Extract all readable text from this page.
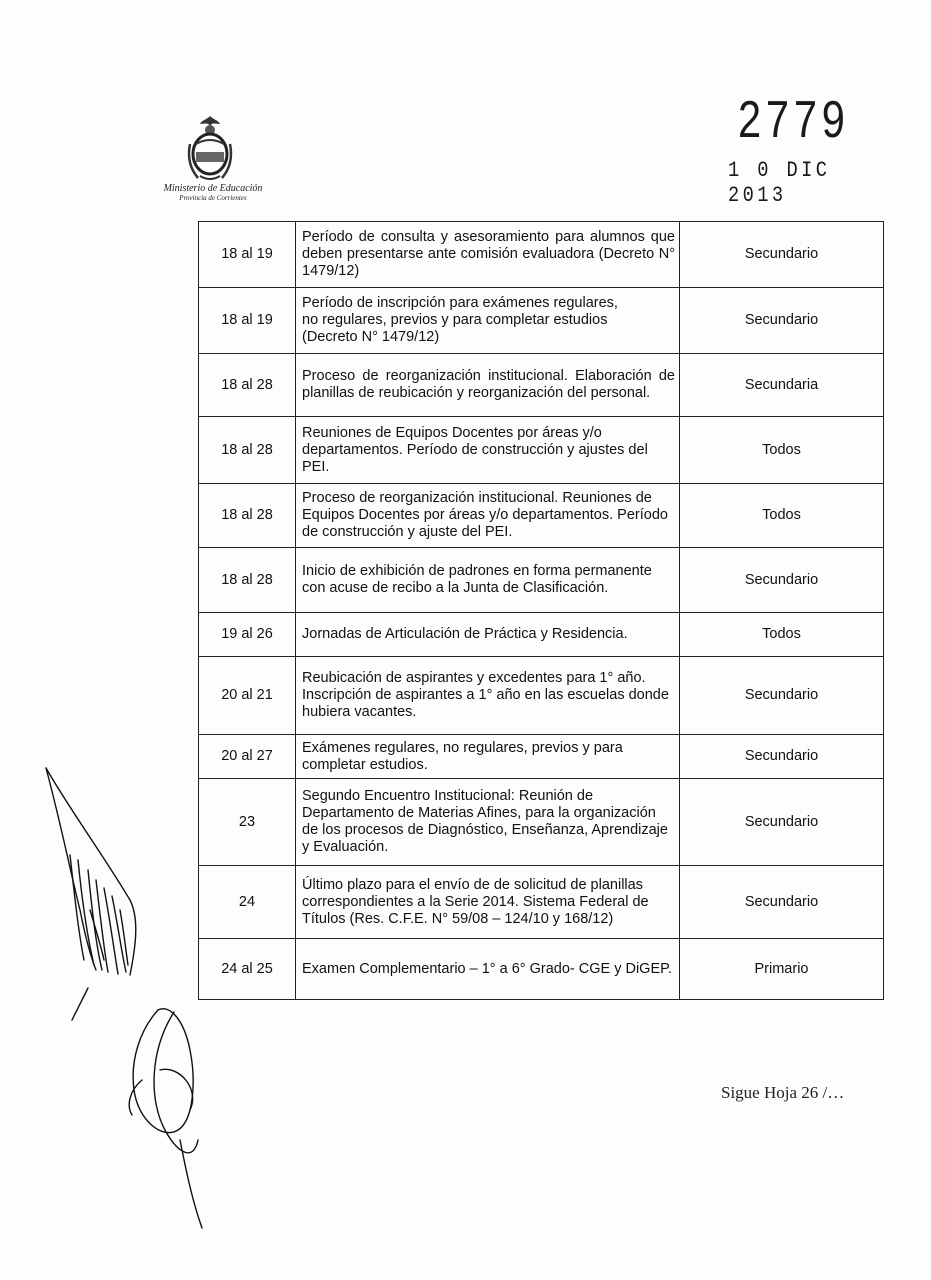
Ministerio de Educación
Provincia de Corrientes
2779
1 0 DIC 2013
18 al 19	Período de consulta y asesoramiento para alumnos que deben presentarse ante comisión evaluadora (Decreto N° 1479/12)	Secundario
18 al 19	Período de inscripción para exámenes regulares,
no regulares, previos y para completar estudios
(Decreto N° 1479/12)	Secundario
18 al 28	Proceso de reorganización institucional. Elaboración de planillas de reubicación y reorganización del personal.	Secundaria
18 al 28	Reuniones de Equipos Docentes por áreas y/o departamentos. Período de construcción y ajustes del PEI.	Todos
18 al 28	Proceso de reorganización institucional. Reuniones de Equipos Docentes por áreas y/o departamentos. Período de construcción y ajuste del PEI.	Todos
18 al 28	Inicio de exhibición de padrones en forma permanente con acuse de recibo a la Junta de Clasificación.	Secundario
19 al 26	Jornadas de Articulación de Práctica y Residencia.	Todos
20 al 21	Reubicación de aspirantes y excedentes para 1° año.
Inscripción de aspirantes a 1° año en las escuelas donde hubiera vacantes.	Secundario
20 al 27	Exámenes regulares, no regulares, previos y para completar estudios.	Secundario
23	Segundo Encuentro Institucional: Reunión de Departamento de Materias Afines, para la organización de los procesos de Diagnóstico, Enseñanza, Aprendizaje y Evaluación.	Secundario
24	Último plazo para el envío de de solicitud de planillas correspondientes a la Serie 2014. Sistema Federal de Títulos (Res. C.F.E. N° 59/08 – 124/10 y 168/12)	Secundario
24 al 25	Examen Complementario – 1° a 6° Grado- CGE y DiGEP.	Primario
Sigue Hoja 26 /…
